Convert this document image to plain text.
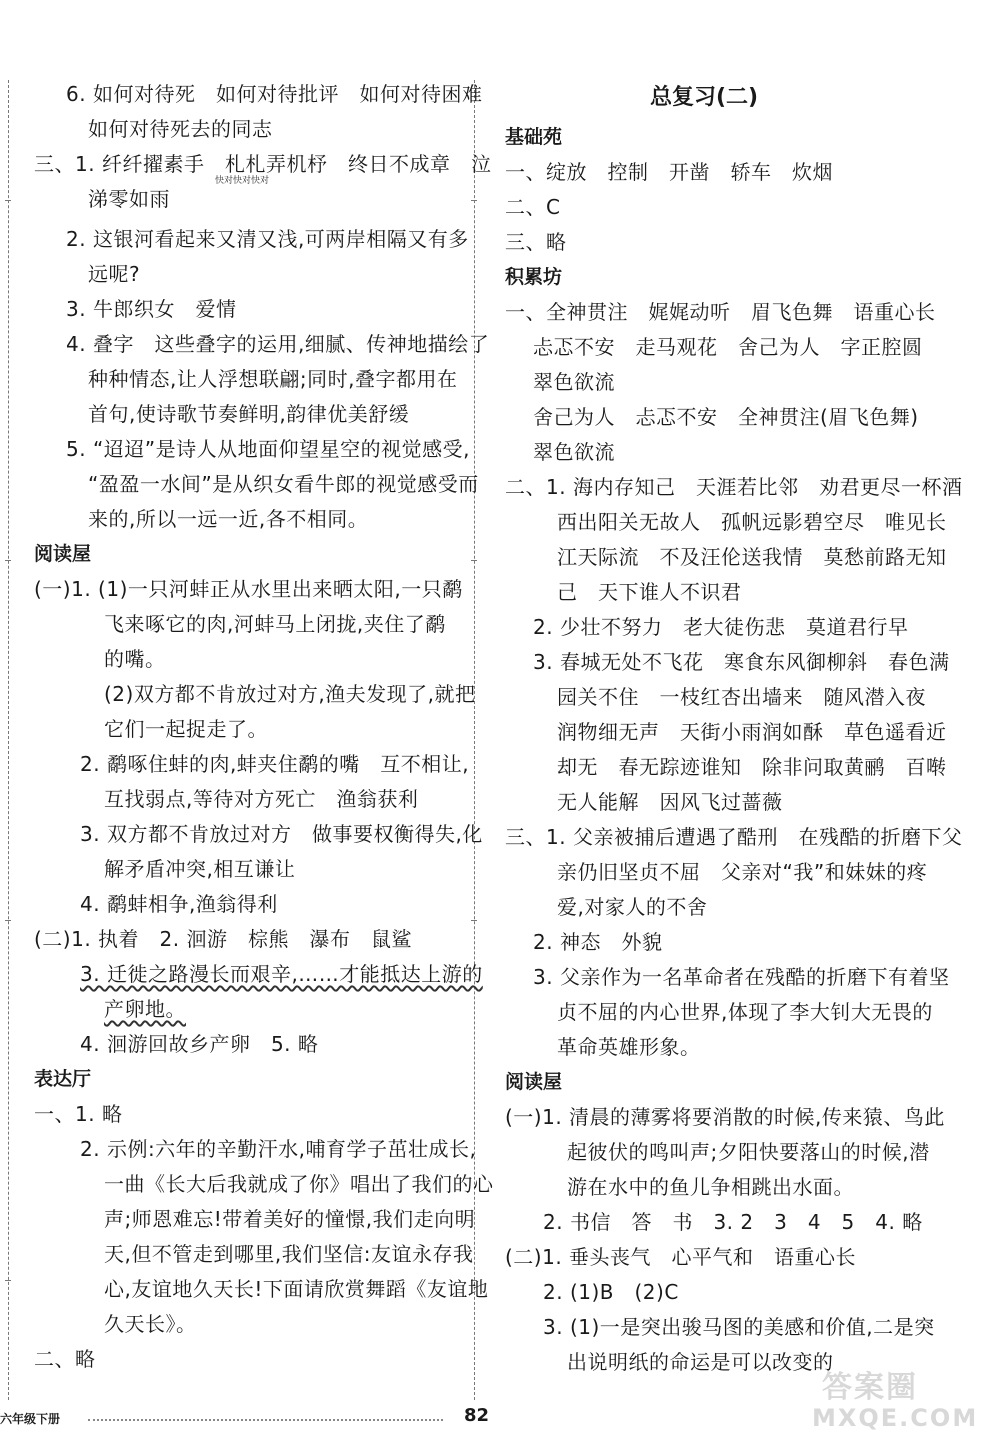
6. 如何对待死　如何对待批评　如何对待困难
如何对待死去的同志
三、1. 纤纤擢素手　札札弄机杼　终日不成章　泣
快对快对快对
涕零如雨
2. 这银河看起来又清又浅,可两岸相隔又有多
远呢?
3. 牛郎织女　爱情
4. 叠字　这些叠字的运用,细腻、传神地描绘了
种种情态,让人浮想联翩;同时,叠字都用在
首句,使诗歌节奏鲜明,韵律优美舒缓
5. “迢迢”是诗人从地面仰望星空的视觉感受,
“盈盈一水间”是从织女看牛郎的视觉感受而
来的,所以一远一近,各不相同。
阅读屋
(一)1. (1)一只河蚌正从水里出来晒太阳,一只鹬
飞来啄它的肉,河蚌马上闭拢,夹住了鹬
的嘴。
(2)双方都不肯放过对方,渔夫发现了,就把
它们一起捉走了。
2. 鹬啄住蚌的肉,蚌夹住鹬的嘴　互不相让,
互找弱点,等待对方死亡　渔翁获利
3. 双方都不肯放过对方　做事要权衡得失,化
解矛盾冲突,相互谦让
4. 鹬蚌相争,渔翁得利
(二)1. 执着　2. 洄游　棕熊　瀑布　鼠鲨
3. 迁徙之路漫长而艰辛,……才能抵达上游的
产卵地。
4. 洄游回故乡产卵　5. 略
表达厅
一、1. 略
2. 示例:六年的辛勤汗水,哺育学子茁壮成长,
一曲《长大后我就成了你》唱出了我们的心
声;师恩难忘!带着美好的憧憬,我们走向明
天,但不管走到哪里,我们坚信:友谊永存我
心,友谊地久天长!下面请欣赏舞蹈《友谊地
久天长》。
二、略
总复习(二)
基础苑
一、绽放　控制　开凿　轿车　炊烟
二、C
三、略
积累坊
一、全神贯注　娓娓动听　眉飞色舞　语重心长
忐忑不安　走马观花　舍己为人　字正腔圆
翠色欲流
舍己为人　忐忑不安　全神贯注(眉飞色舞)
翠色欲流
二、1. 海内存知己　天涯若比邻　劝君更尽一杯酒
西出阳关无故人　孤帆远影碧空尽　唯见长
江天际流　不及汪伦送我情　莫愁前路无知
己　天下谁人不识君
2. 少壮不努力　老大徒伤悲　莫道君行早
3. 春城无处不飞花　寒食东风御柳斜　春色满
园关不住　一枝红杏出墙来　随风潜入夜
润物细无声　天街小雨润如酥　草色遥看近
却无　春无踪迹谁知　除非问取黄鹂　百啭
无人能解　因风飞过蔷薇
三、1. 父亲被捕后遭遇了酷刑　在残酷的折磨下父
亲仍旧坚贞不屈　父亲对“我”和妹妹的疼
爱,对家人的不舍
2. 神态　外貌
3. 父亲作为一名革命者在残酷的折磨下有着坚
贞不屈的内心世界,体现了李大钊大无畏的
革命英雄形象。
阅读屋
(一)1. 清晨的薄雾将要消散的时候,传来猿、鸟此
起彼伏的鸣叫声;夕阳快要落山的时候,潜
游在水中的鱼儿争相跳出水面。
2. 书信　答　书　3. 2　3　4　5　4. 略
(二)1. 垂头丧气　心平气和　语重心长
2. (1)B　(2)C
3. (1)一是突出骏马图的美感和价值,二是突
出说明纸的命运是可以改变的
六年级下册	82
答案圈
MXQE.COM
